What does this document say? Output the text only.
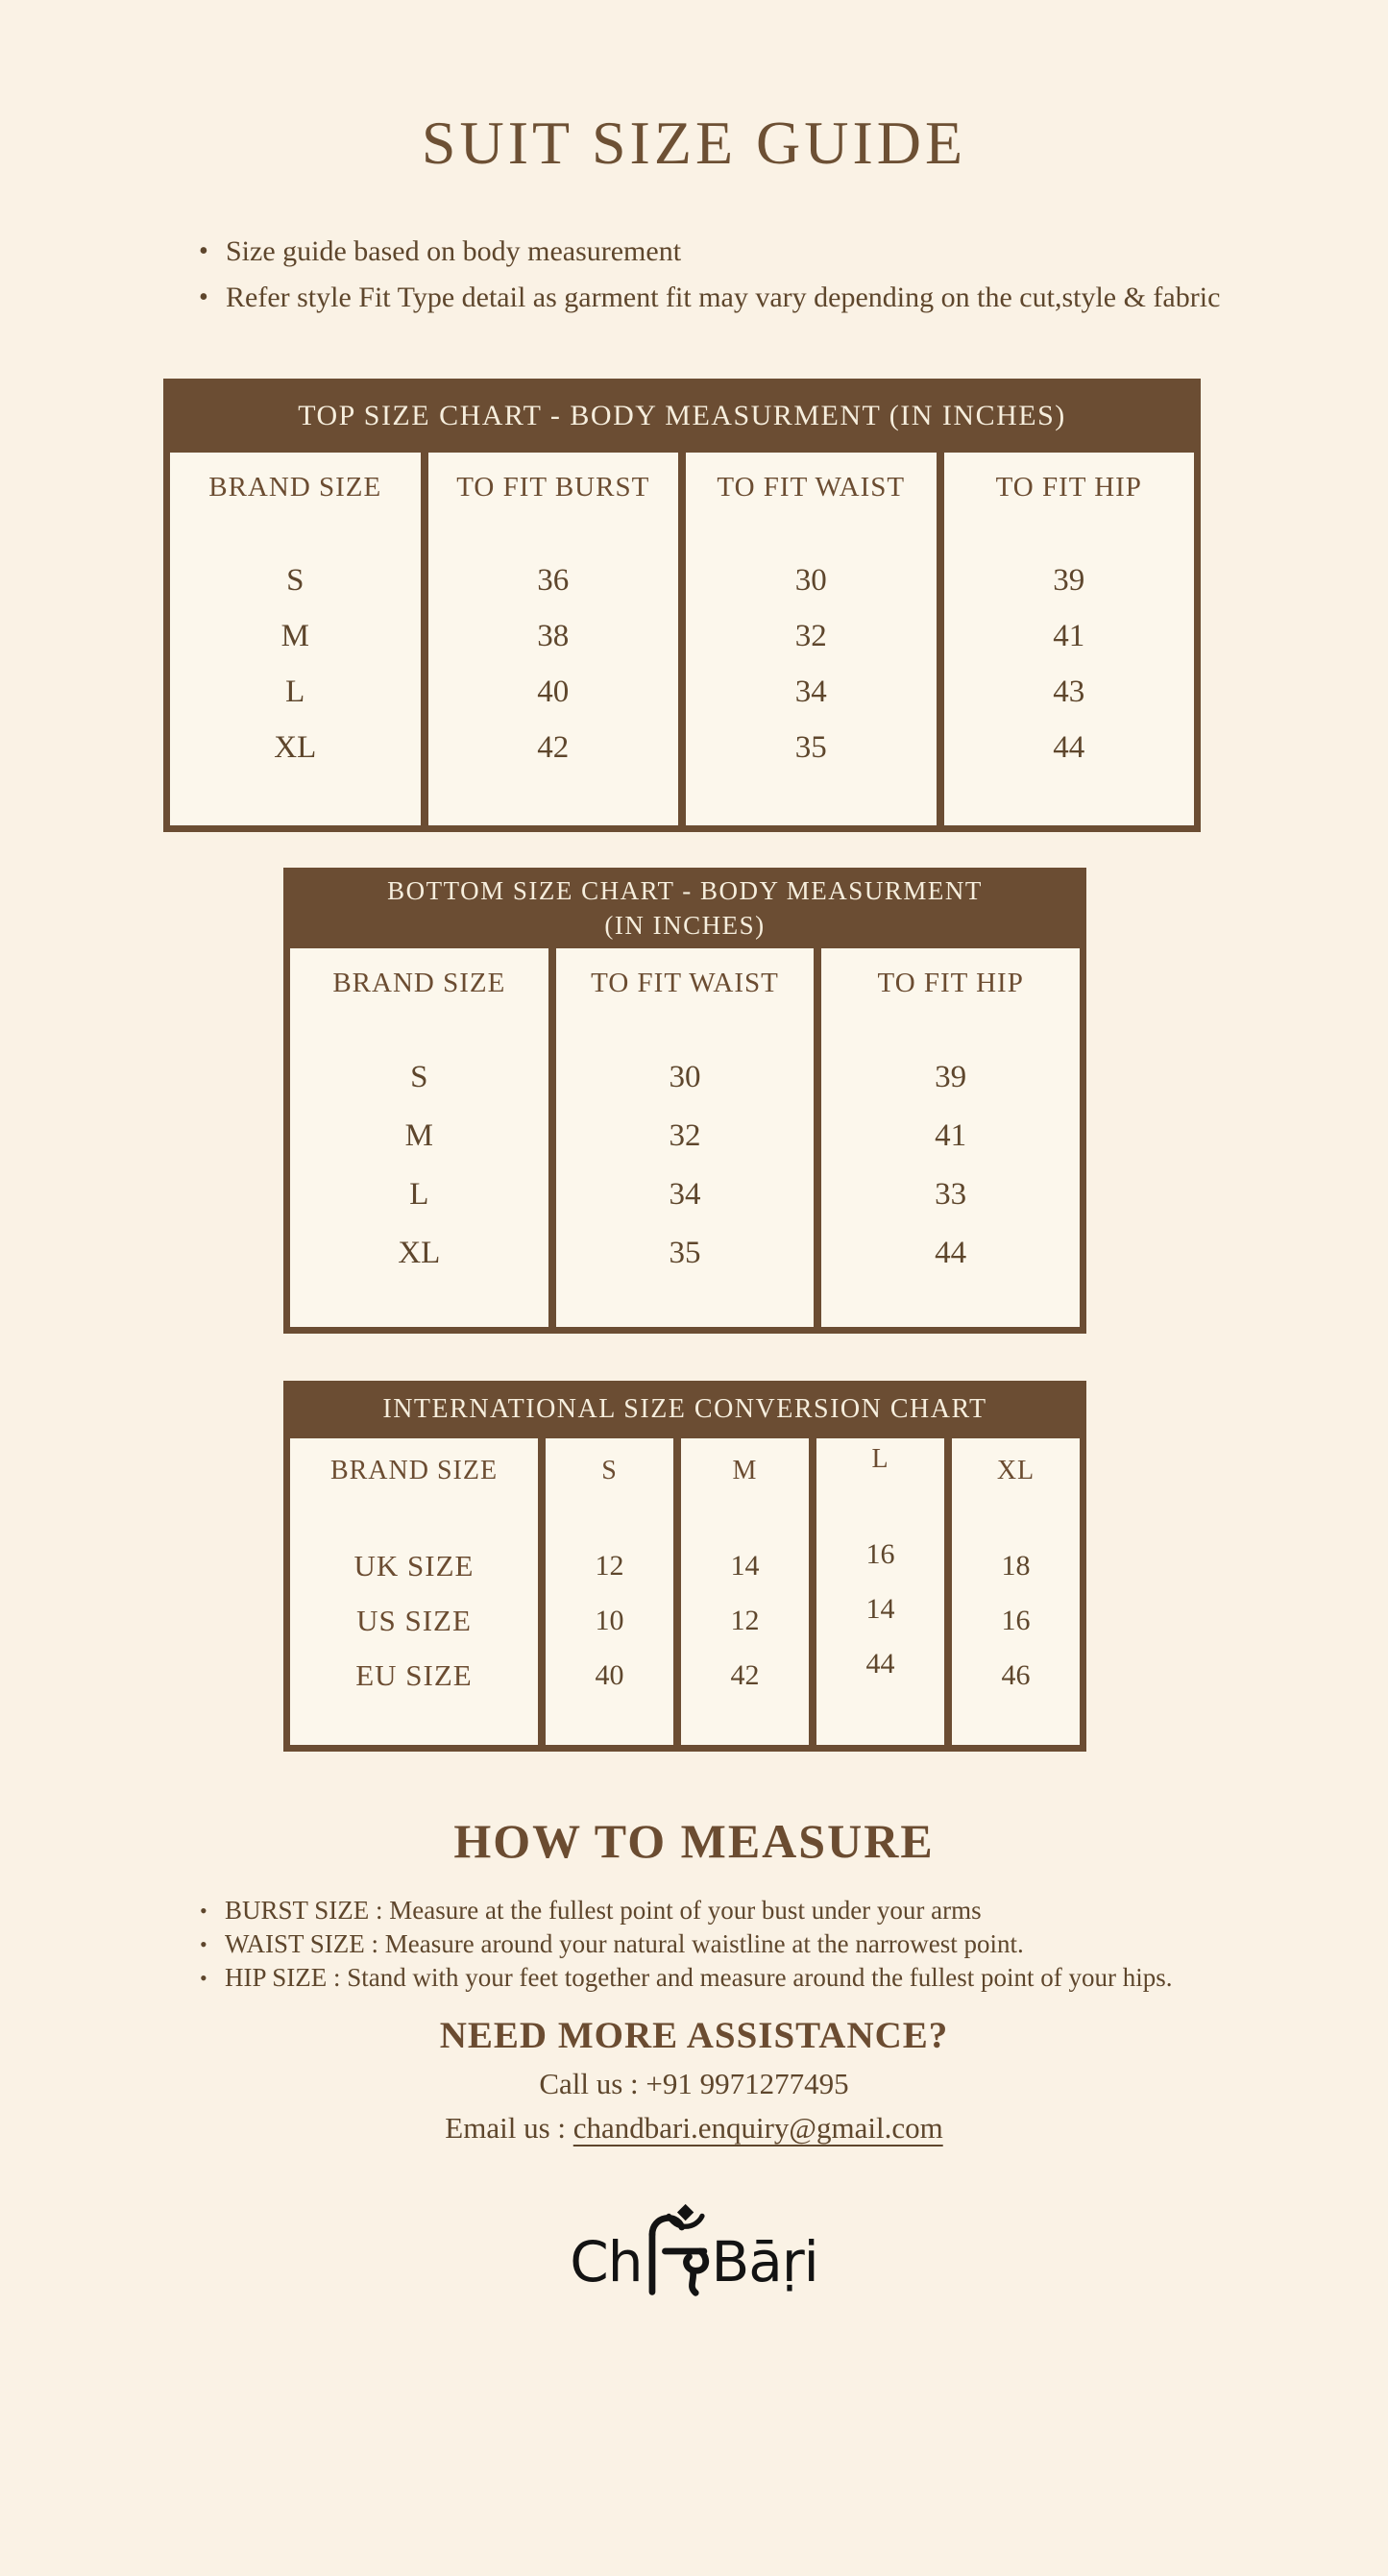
SUIT SIZE GUIDE
• Size guide based on body measurement
• Refer style Fit Type detail as garment fit may vary depending on the cut,style & fabric
TOP SIZE CHART - BODY MEASURMENT (IN INCHES)
BRAND SIZE
S
M
L
XL
TO FIT BURST
36
38
40
42
TO FIT WAIST
30
32
34
35
TO FIT HIP
39
41
43
44
BOTTOM SIZE CHART - BODY MEASURMENT
(IN INCHES)
BRAND SIZE
S
M
L
XL
TO FIT WAIST
30
32
34
35
TO FIT HIP
39
41
33
44
INTERNATIONAL SIZE CONVERSION CHART
BRAND SIZE
UK SIZE
US SIZE
EU SIZE
S
12
10
40
M
14
12
42
L
16
14
44
XL
18
16
46
HOW TO MEASURE
• BURST SIZE : Measure at the fullest point of your bust under your arms
• WAIST SIZE : Measure around your natural waistline at the narrowest point.
• HIP SIZE : Stand with your feet together and measure around the fullest point of your hips.
NEED MORE ASSISTANCE?
Call us : +91 9971277495
Email us : chandbari.enquiry@gmail.com
Ch Bāṛi
